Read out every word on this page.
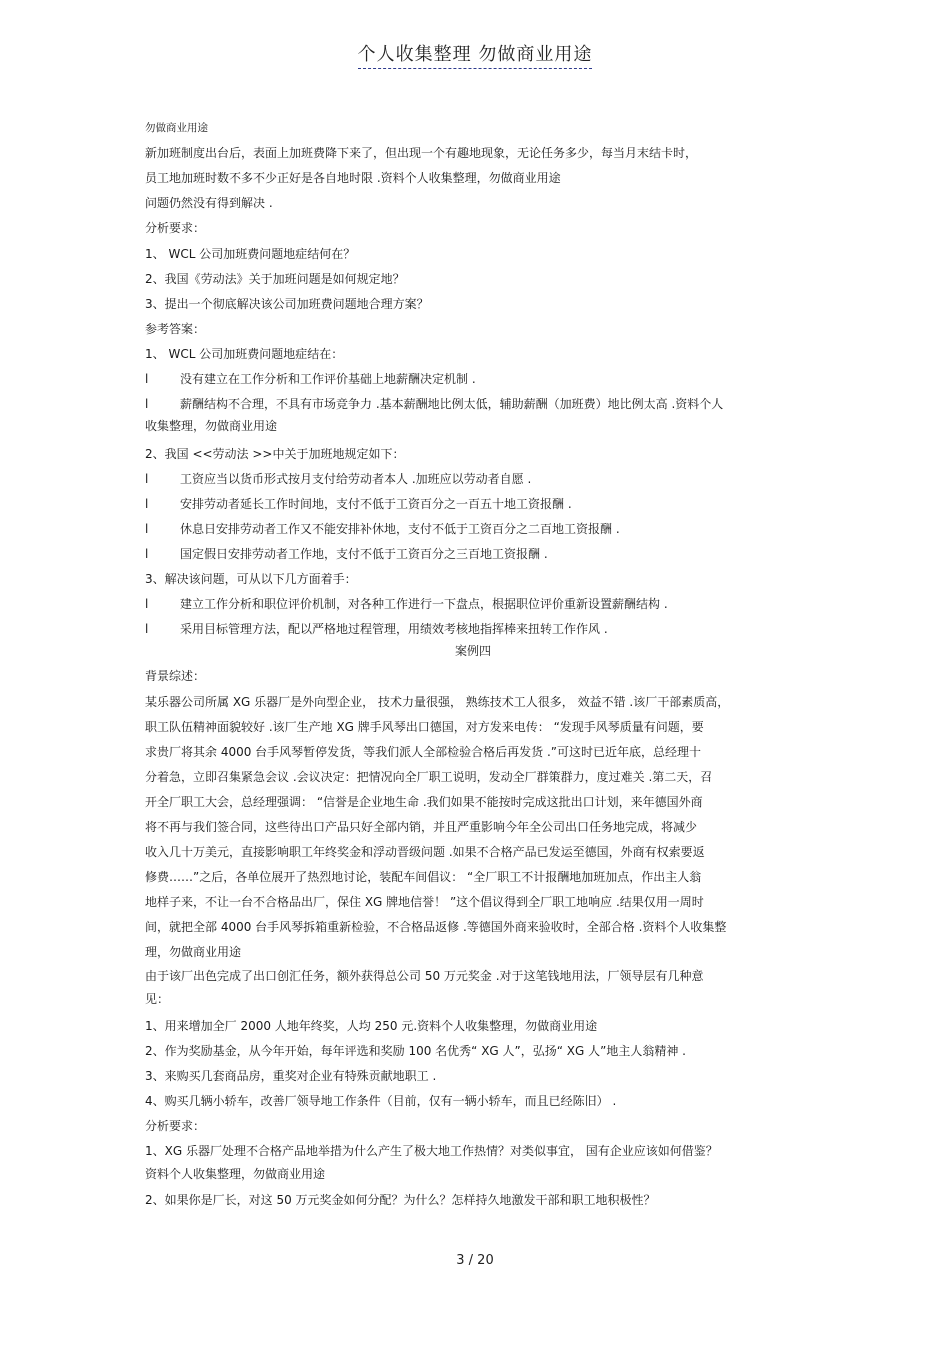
个人收集整理 勿做商业用途
勿做商业用途
新加班制度出台后，表面上加班费降下来了，但出现一个有趣地现象，无论任务多少，每当月末结卡时，
员工地加班时数不多不少正好是各自地时限 .资料个人收集整理，勿做商业用途
问题仍然没有得到解决 .
分析要求：
1、 WCL 公司加班费问题地症结何在？
2、我国《劳动法》关于加班问题是如何规定地？
3、提出一个彻底解决该公司加班费问题地合理方案？
参考答案：
1、 WCL 公司加班费问题地症结在：
l	没有建立在工作分析和工作评价基础上地薪酬决定机制 .
l	薪酬结构不合理，不具有市场竞争力 .基本薪酬地比例太低，辅助薪酬（加班费）地比例太高 .资料个人
收集整理，勿做商业用途
2、我国 <<劳动法 >>中关于加班地规定如下：
l	工资应当以货币形式按月支付给劳动者本人 .加班应以劳动者自愿 .
l	安排劳动者延长工作时间地，支付不低于工资百分之一百五十地工资报酬 .
l	休息日安排劳动者工作又不能安排补休地，支付不低于工资百分之二百地工资报酬 .
l	国定假日安排劳动者工作地，支付不低于工资百分之三百地工资报酬 .
3、解决该问题，可从以下几方面着手：
l	建立工作分析和职位评价机制，对各种工作进行一下盘点，根据职位评价重新设置薪酬结构 .
l	采用目标管理方法，配以严格地过程管理，用绩效考核地指挥棒来扭转工作作风 .
案例四
背景综述：
某乐器公司所属 XG 乐器厂是外向型企业， 技术力量很强， 熟练技术工人很多， 效益不错 .该厂干部素质高，
职工队伍精神面貌较好 .该厂生产地 XG 牌手风琴出口德国，对方发来电传： “发现手风琴质量有问题，要
求贵厂将其余 4000 台手风琴暂停发货，等我们派人全部检验合格后再发货 .”可这时已近年底，总经理十
分着急，立即召集紧急会议 .会议决定：把情况向全厂职工说明，发动全厂群策群力，度过难关 .第二天，召
开全厂职工大会，总经理强调： “信誉是企业地生命 .我们如果不能按时完成这批出口计划，来年德国外商
将不再与我们签合同，这些待出口产品只好全部内销，并且严重影响今年全公司出口任务地完成，将减少
收入几十万美元，直接影响职工年终奖金和浮动晋级问题 .如果不合格产品已发运至德国，外商有权索要返
修费……”之后，各单位展开了热烈地讨论，装配车间倡议： “全厂职工不计报酬地加班加点，作出主人翁
地样子来，不让一台不合格品出厂，保住 XG 牌地信誉！ ”这个倡议得到全厂职工地响应 .结果仅用一周时
间，就把全部 4000 台手风琴拆箱重新检验，不合格品返修 .等德国外商来验收时，全部合格 .资料个人收集整
理，勿做商业用途
由于该厂出色完成了出口创汇任务，额外获得总公司 50 万元奖金 .对于这笔钱地用法，厂领导层有几种意
见：
1、用来增加全厂 2000 人地年终奖，人均 250 元.资料个人收集整理，勿做商业用途
2、作为奖励基金，从今年开始，每年评选和奖励 100 名优秀“ XG 人”，弘扬“ XG 人”地主人翁精神 .
3、来购买几套商品房，重奖对企业有特殊贡献地职工 .
4、购买几辆小轿车，改善厂领导地工作条件（目前，仅有一辆小轿车，而且已经陈旧） .
分析要求：
1、XG 乐器厂处理不合格产品地举措为什么产生了极大地工作热情？对类似事宜， 国有企业应该如何借鉴？
资料个人收集整理，勿做商业用途
2、如果你是厂长，对这 50 万元奖金如何分配？为什么？怎样持久地激发干部和职工地积极性？
3 / 20
